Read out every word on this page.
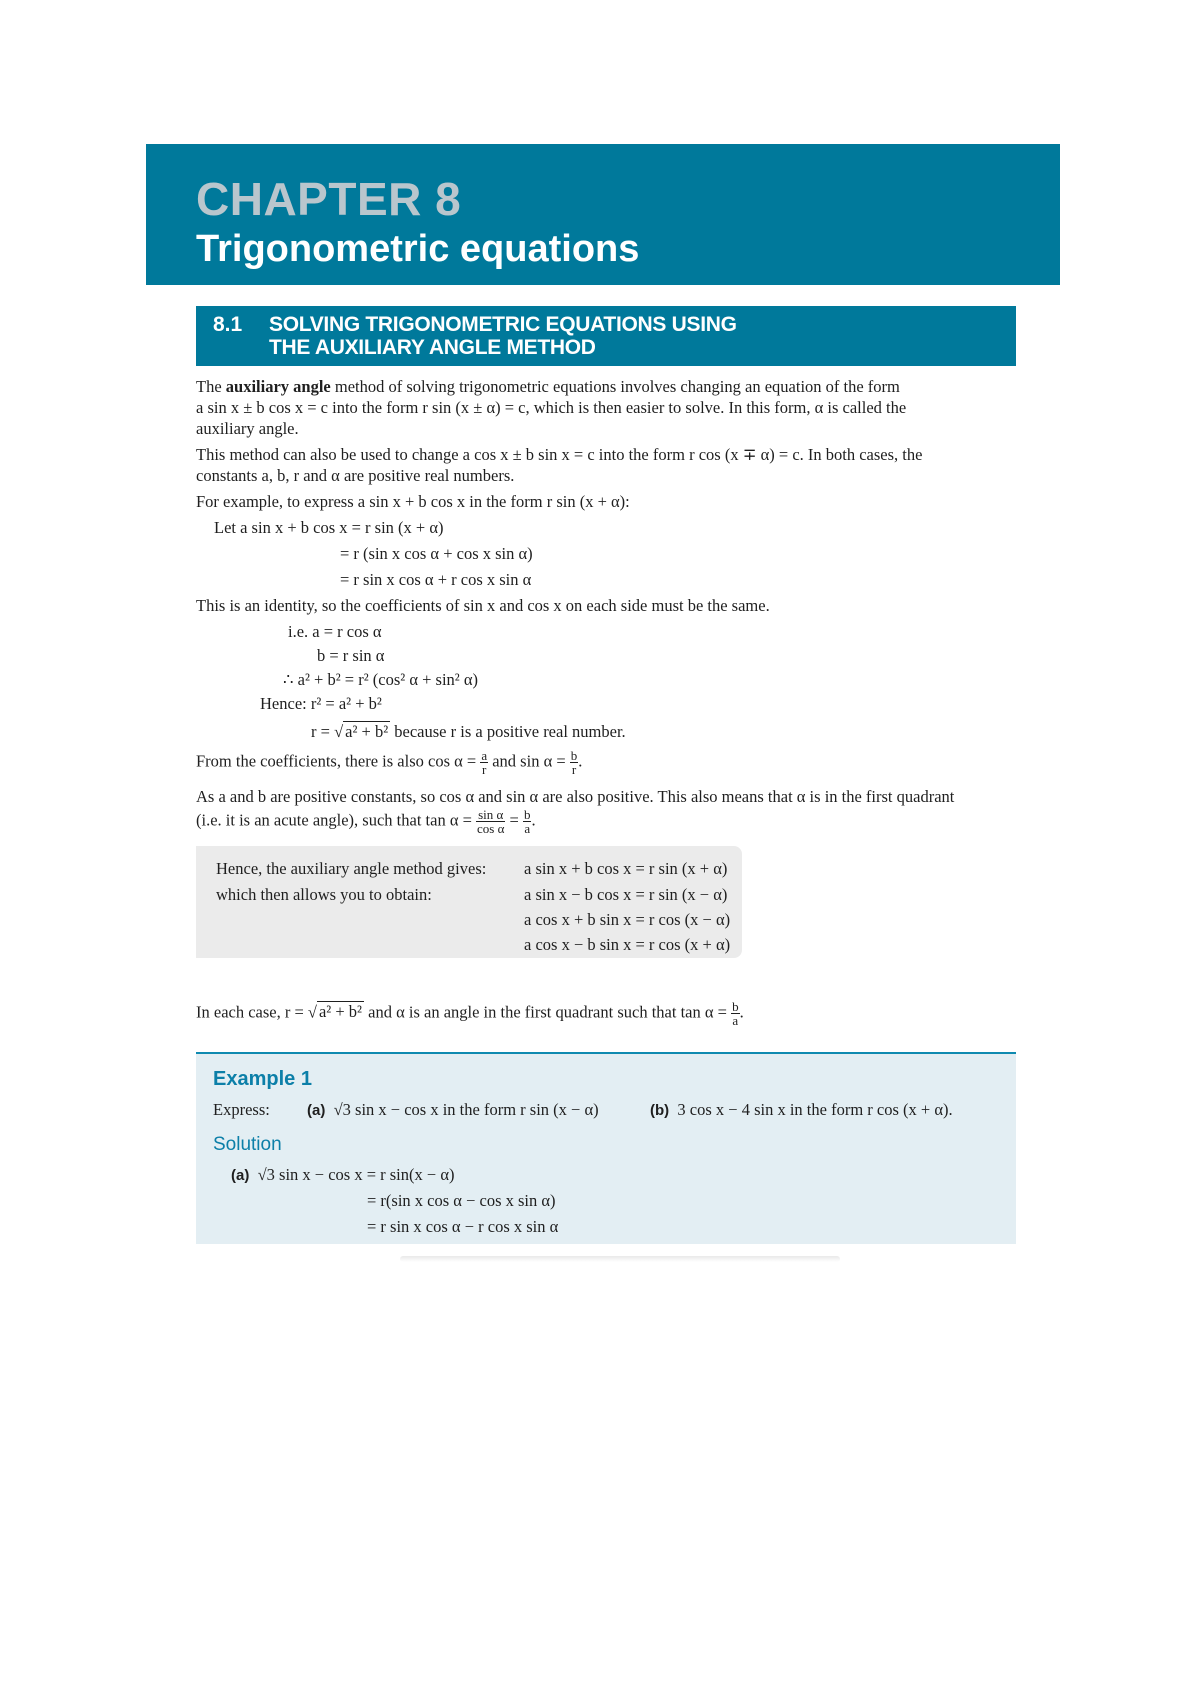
CHAPTER 8
Trigonometric equations
8.1 SOLVING TRIGONOMETRIC EQUATIONS USING
THE AUXILIARY ANGLE METHOD
The auxiliary angle method of solving trigonometric equations involves changing an equation of the form
a sin x ± b cos x = c into the form r sin (x ± α) = c, which is then easier to solve. In this form, α is called the
auxiliary angle.
This method can also be used to change a cos x ± b sin x = c into the form r cos (x ∓ α) = c. In both cases, the
constants a, b, r and α are positive real numbers.
For example, to express a sin x + b cos x in the form r sin (x + α):
Let a sin x + b cos x = r sin (x + α)
= r (sin x cos α + cos x sin α)
= r sin x cos α + r cos x sin α
This is an identity, so the coefficients of sin x and cos x on each side must be the same.
i.e. a = r cos α
b = r sin α
∴ a² + b² = r² (cos² α + sin² α)
Hence: r² = a² + b²
r = √ a² + b² because r is a positive real number.
From the coefficients, there is also $\cos \alpha = \frac{a}{r}$ and $\sin \alpha = \frac{b}{r}$ .
As a and b are positive constants, so cos α and sin α are also positive. This also means that α is in the first quadrant
(i.e. it is an acute angle), such that $\tan \alpha = \frac{\text{sin α}}{\text{cos α}} = \frac{b}{a}$ .
Hence, the auxiliary angle method gives:
which then allows you to obtain:
a sin x + b cos x = r sin (x + α)
a sin x − b cos x = r sin (x − α)
a cos x + b sin x = r cos (x − α)
a cos x − b sin x = r cos (x + α)
In each case, r = √ a² + b² and α is an angle in the first quadrant such that $\tan \alpha = \frac{b}{a}$ .
Example 1
Express: (a)  √3 sin x − cos x in the form r sin (x − α)	(b) 3 cos x − 4 sin x in the form r cos (x + α).
Solution
(a)  √3 sin x − cos x = r sin(x − α)
= r(sin x cos α − cos x sin α)
= r sin x cos α − r cos x sin α
